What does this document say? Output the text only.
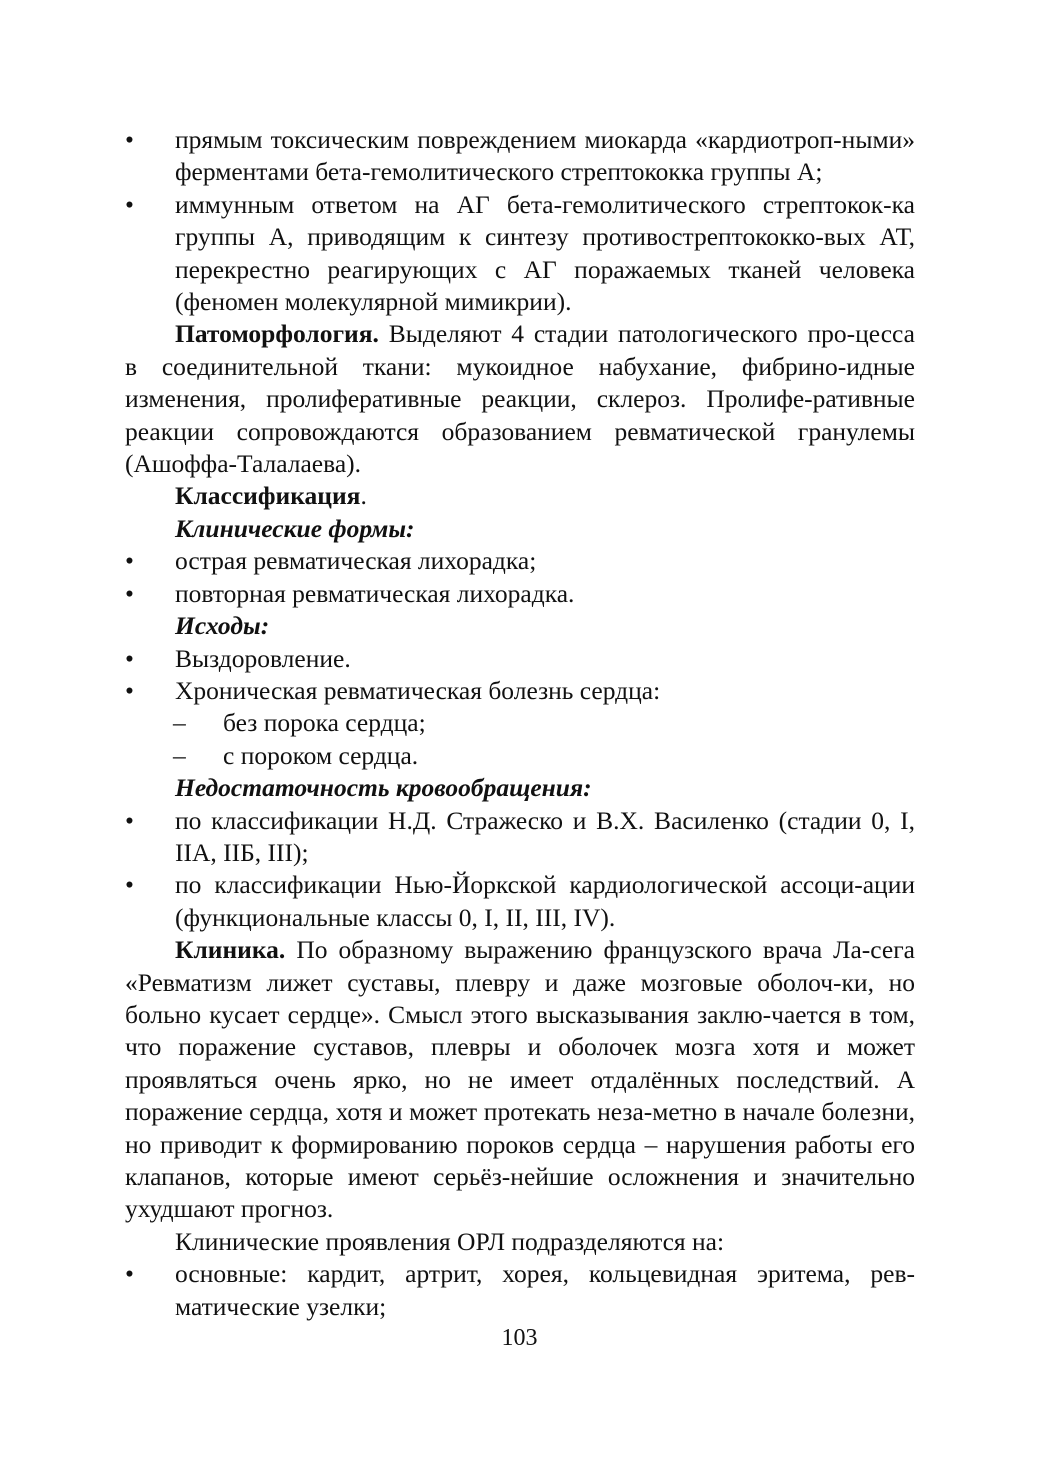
• прямым токсическим повреждением миокарда «кардиотроп-ными» ферментами бета-гемолитического стрептококка группы А;
• иммунным ответом на АГ бета-гемолитического стрептокок-ка группы А, приводящим к синтезу противострептококко-вых АТ, перекрестно реагирующих с АГ поражаемых тканей человека (феномен молекулярной мимикрии).

Патоморфология. Выделяют 4 стадии патологического про-цесса в соединительной ткани: мукоидное набухание, фибрино-идные изменения, пролиферативные реакции, склероз. Пролифе-ративные реакции сопровождаются образованием ревматической гранулемы (Ашоффа-Талалаева).

Классификация.

Клинические формы:

• острая ревматическая лихорадка;
• повторная ревматическая лихорадка.

Исходы:

• Выздоровление.
• Хроническая ревматическая болезнь сердца:
– без порока сердца;
– с пороком сердца.

Недостаточность кровообращения:

• по классификации Н.Д. Стражеско и В.Х. Василенко (стадии 0, I, IIА, IIБ, III);
• по классификации Нью-Йоркской кардиологической ассоци-ации (функциональные классы 0, I, II, III, IV).

Клиника. По образному выражению французского врача Ла-сега «Ревматизм лижет суставы, плевру и даже мозговые оболоч-ки, но больно кусает сердце». Смысл этого высказывания заклю-чается в том, что поражение суставов, плевры и оболочек мозга хотя и может проявляться очень ярко, но не имеет отдалённых последствий. А поражение сердца, хотя и может протекать неза-метно в начале болезни, но приводит к формированию пороков сердца – нарушения работы его клапанов, которые имеют серьёз-нейшие осложнения и значительно ухудшают прогноз.

Клинические проявления ОРЛ подразделяются на:

• основные: кардит, артрит, хорея, кольцевидная эритема, рев-матические узелки;
103
